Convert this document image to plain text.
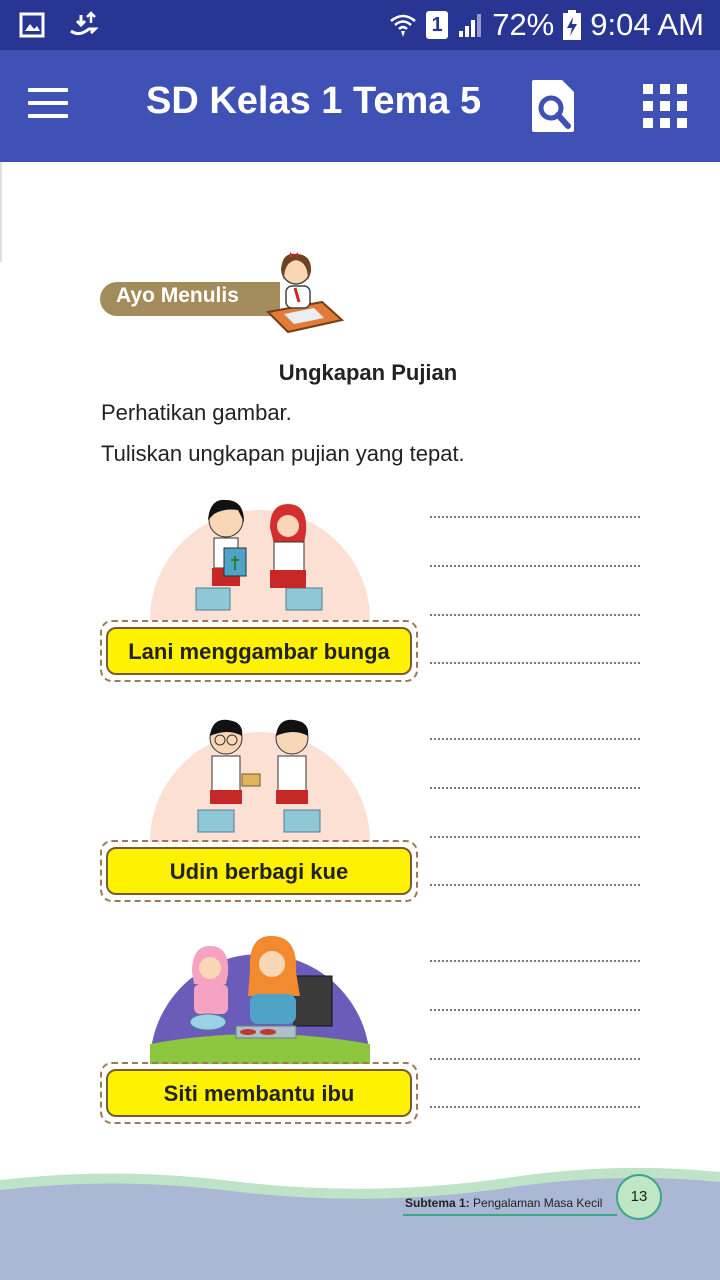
1 72% 9:04 AM
SD Kelas 1 Tema 5
Ayo Menulis
Ungkapan Pujian
Perhatikan gambar.
Tuliskan ungkapan pujian yang tepat.
Lani menggambar bunga
Udin berbagi kue
Siti membantu ibu
Subtema 1: Pengalaman Masa Kecil	13
